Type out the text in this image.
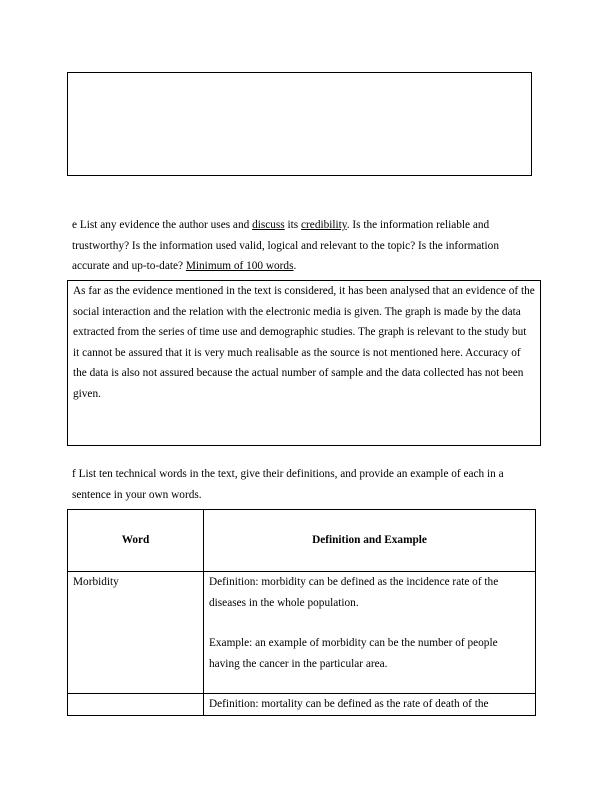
e List any evidence the author uses and discuss its credibility. Is the information reliable and trustworthy? Is the information used valid, logical and relevant to the topic? Is the information accurate and up-to-date? Minimum of 100 words.

As far as the evidence mentioned in the text is considered, it has been analysed that an evidence of the social interaction and the relation with the electronic media is given. The graph is made by the data extracted from the series of time use and demographic studies. The graph is relevant to the study but it cannot be assured that it is very much realisable as the source is not mentioned here. Accuracy of the data is also not assured because the actual number of sample and the data collected has not been given.

f List ten technical words in the text, give their definitions, and provide an example of each in a sentence in your own words.

Word	Definition and Example
Morbidity	Definition: morbidity can be defined as the incidence rate of the diseases in the whole population.
Example: an example of morbidity can be the number of people having the cancer in the particular area.

	Definition: mortality can be defined as the rate of death of the
